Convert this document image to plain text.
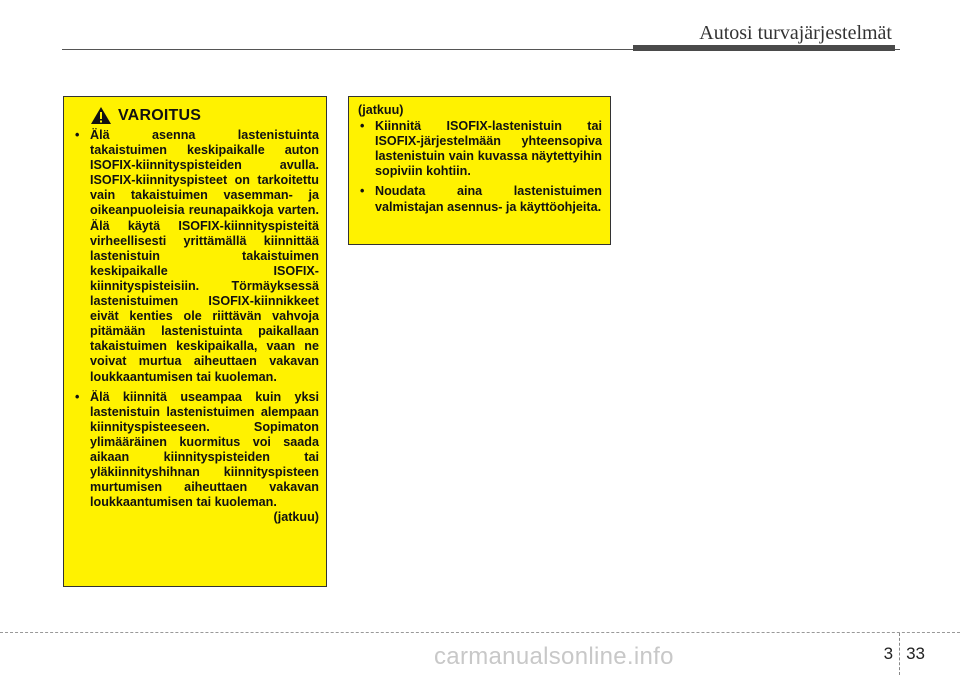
Autosi turvajärjestelmät
VAROITUS
• Älä asenna lastenistuinta takaistuimen keskipaikalle auton ISOFIX-kiinnityspisteiden avulla. ISOFIX-kiinnityspisteet on tarkoitettu vain takaistuimen vasemman- ja oikeanpuoleisia reunapaikkoja varten. Älä käytä ISOFIX-kiinnityspisteitä virheellisesti yrittämällä kiinnittää lastenistuin takaistuimen keskipaikalle ISOFIX-kiinnityspisteisiin. Törmäyksessä lastenistuimen ISOFIX-kiinnikkeet eivät kenties ole riittävän vahvoja pitämään lastenistuinta paikallaan takaistuimen keskipaikalla, vaan ne voivat murtua aiheuttaen vakavan loukkaantumisen tai kuoleman.
• Älä kiinnitä useampaa kuin yksi lastenistuin lastenistuimen alempaan kiinnityspisteeseen. Sopimaton ylimääräinen kuormitus voi saada aikaan kiinnityspisteiden tai yläkiinnityshihnan kiinnityspisteen murtumisen aiheuttaen vakavan loukkaantumisen tai kuoleman.
(jatkuu)
(jatkuu)
• Kiinnitä ISOFIX-lastenistuin tai ISOFIX-järjestelmään yhteensopiva lastenistuin vain kuvassa näytettyihin sopiviin kohtiin.
• Noudata aina lastenistuimen valmistajan asennus- ja käyttöohjeita.
3 33
carmanualsonline.info
